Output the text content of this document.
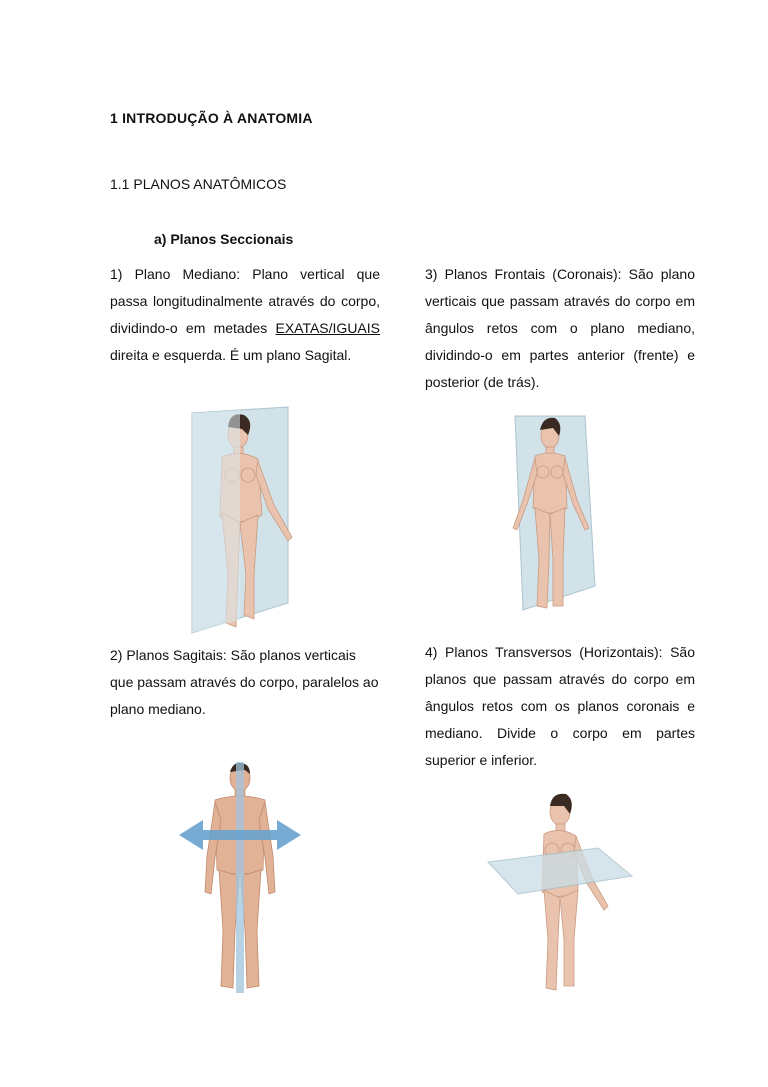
1 INTRODUÇÃO À ANATOMIA
1.1 PLANOS ANATÔMICOS
a) Planos Seccionais

1) Plano Mediano: Plano vertical que passa longitudinalmente através do corpo, dividindo-o em metades EXATAS/IGUAIS direita e esquerda. É um plano Sagital.

3) Planos Frontais (Coronais): São plano verticais que passam através do corpo em ângulos retos com o plano mediano, dividindo-o em partes anterior (frente) e posterior (de trás).

2) Planos Sagitais: São planos verticais que passam através do corpo, paralelos ao plano mediano.

4) Planos Transversos (Horizontais): São planos que passam através do corpo em ângulos retos com os planos coronais e mediano. Divide o corpo em partes superior e inferior.
